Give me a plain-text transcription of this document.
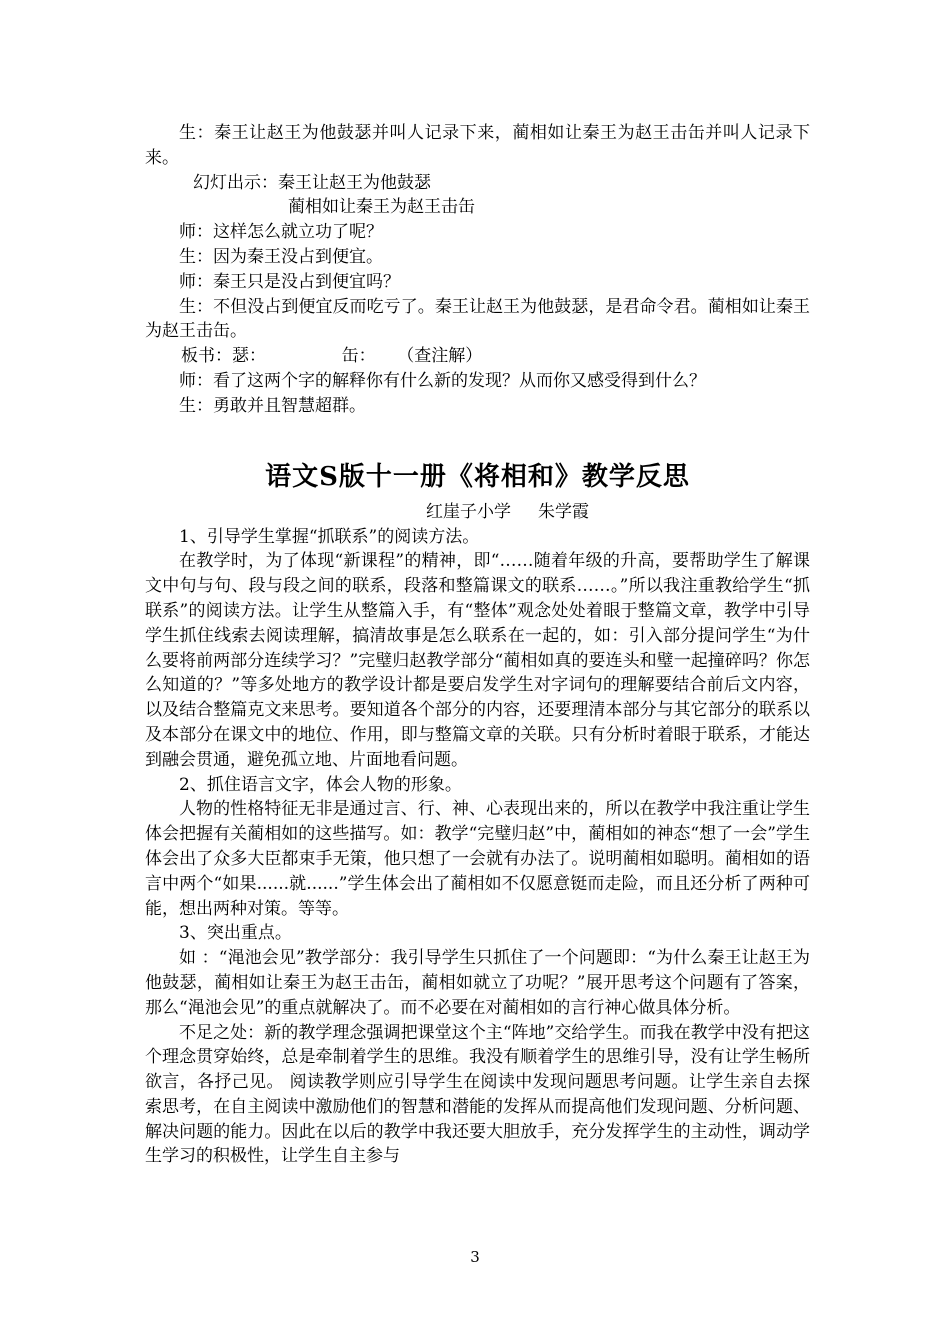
生：秦王让赵王为他鼓瑟并叫人记录下来，蔺相如让秦王为赵王击缶并叫人记录下来。

幻灯出示：秦王让赵王为他鼓瑟

蔺相如让秦王为赵王击缶

师：这样怎么就立功了呢？

生：因为秦王没占到便宜。

师：秦王只是没占到便宜吗？

生：不但没占到便宜反而吃亏了。秦王让赵王为他鼓瑟，是君命令君。蔺相如让秦王为赵王击缶。

板书：瑟：              缶：    （查注解）

师：看了这两个字的解释你有什么新的发现？从而你又感受得到什么？

生：勇敢并且智慧超群。

语文S版十一册《将相和》教学反思

红崖子小学     朱学霞

1、引导学生掌握“抓联系”的阅读方法。

在教学时，为了体现“新课程”的精神，即“……随着年级的升高，要帮助学生了解课文中句与句、段与段之间的联系，段落和整篇课文的联系……。”所以我注重教给学生“抓联系”的阅读方法。让学生从整篇入手，有“整体”观念处处着眼于整篇文章，教学中引导学生抓住线索去阅读理解，搞清故事是怎么联系在一起的，如：引入部分提问学生“为什么要将前两部分连续学习？”完璧归赵教学部分“蔺相如真的要连头和璧一起撞碎吗？你怎么知道的？”等多处地方的教学设计都是要启发学生对字词句的理解要结合前后文内容，以及结合整篇克文来思考。要知道各个部分的内容，还要理清本部分与其它部分的联系以及本部分在课文中的地位、作用，即与整篇文章的关联。只有分析时着眼于联系，才能达到融会贯通，避免孤立地、片面地看问题。

2、抓住语言文字，体会人物的形象。

人物的性格特征无非是通过言、行、神、心表现出来的，所以在教学中我注重让学生体会把握有关蔺相如的这些描写。如：教学“完璧归赵”中，蔺相如的神态“想了一会”学生体会出了众多大臣都束手无策，他只想了一会就有办法了。说明蔺相如聪明。蔺相如的语言中两个“如果......就......”学生体会出了蔺相如不仅愿意铤而走险，而且还分析了两种可能，想出两种对策。等等。

3、突出重点。

如 ：“渑池会见”教学部分：我引导学生只抓住了一个问题即：“为什么秦王让赵王为他鼓瑟，蔺相如让秦王为赵王击缶，蔺相如就立了功呢？”展开思考这个问题有了答案，那么“渑池会见”的重点就解决了。而不必要在对蔺相如的言行神心做具体分析。

不足之处：新的教学理念强调把课堂这个主“阵地”交给学生。而我在教学中没有把这个理念贯穿始终，总是牵制着学生的思维。我没有顺着学生的思维引导，没有让学生畅所欲言，各抒己见。 阅读教学则应引导学生在阅读中发现问题思考问题。让学生亲自去探索思考，在自主阅读中激励他们的智慧和潜能的发挥从而提高他们发现问题、分析问题、解决问题的能力。因此在以后的教学中我还要大胆放手，充分发挥学生的主动性，调动学生学习的积极性，让学生自主参与

3
